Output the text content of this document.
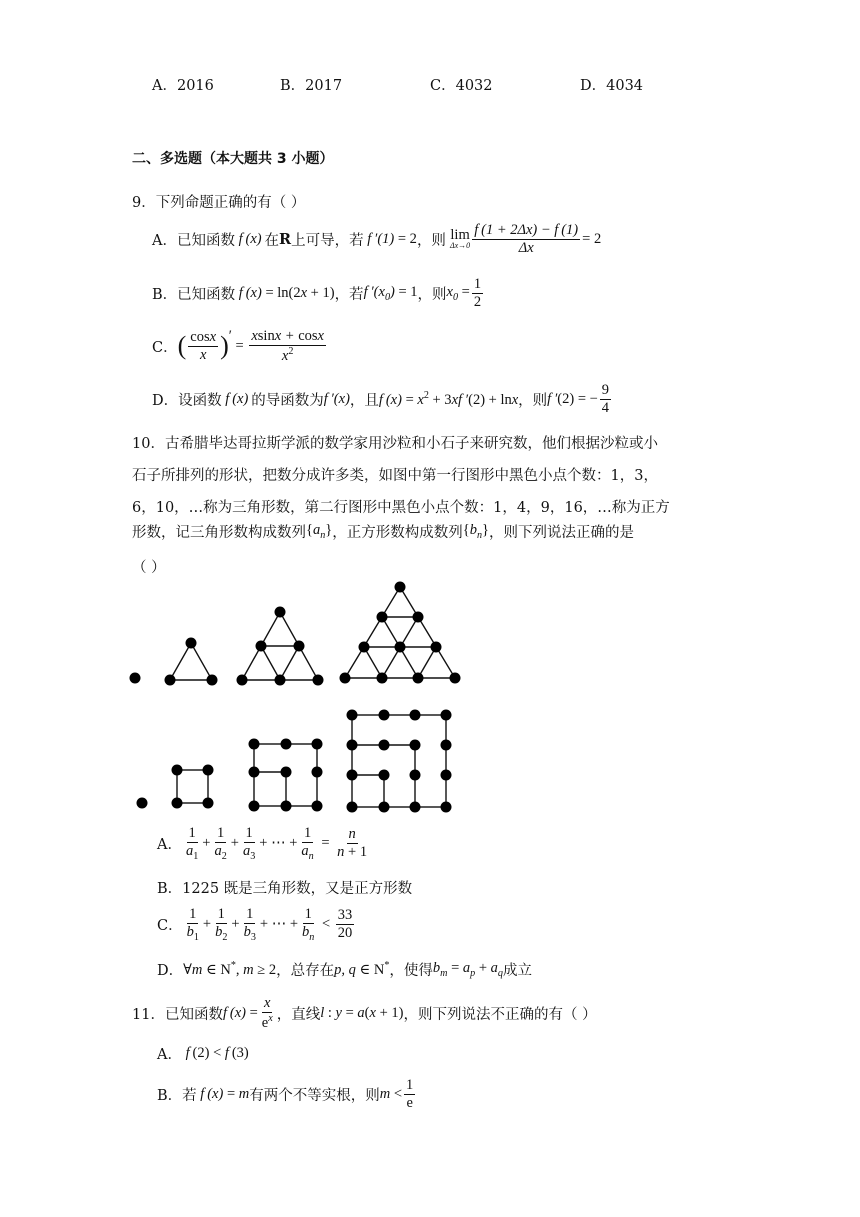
A．2016	B．2017	C．4032	D．4034
二、多选题（本大题共 3 小题）
9．下列命题正确的有（ ）
A．已知函数 f (x)  在 R 上可导，若 f ′(1) = 2 ，则 lim
$\Delta x\to 0 \frac{f (1 + 2\Delta x) - f (1)}{\Delta x} = 2$
B．已知函数 f (x) = ln(2x + 1) ，若 f $'(x_0) = 1$ ，则 $x_0 = \frac{1}{2}$
C． ( $\frac{\cos x}{x}$ ) ′
= $\frac{xsinx + \cos x}{x^2}$
D．设函数 f (x)  的导函数为 f ′(x) ，且 f $(x) = x^2 + 3xf$ ′(2) + lnx ，则 f ′(2) = − $\frac{9}{4}$
10．古希腊毕达哥拉斯学派的数学家用沙粒和小石子来研究数，他们根据沙粒或小
石子所排列的形状，把数分成许多类，如图中第一行图形中黑色小点个数：1，3，
6，10，…称为三角形数，第二行图形中黑色小点个数：1，4，9，16，…称为正方
形数，记三角形数构成数列 $\{a_n\}$ ，正方形数构成数列 $\{b_n\}$ ，则下列说法正确的是
（ ）
A． $\frac{1}{a_1} + \frac{1}{a_2} + \frac{1}{a_3}$ + ⋯ + $\frac{1}{a_n} = \frac{n}{n + 1}$
B．1225 既是三角形数，又是正方形数
C． $\frac{1}{b_1} + \frac{1}{b_2} + \frac{1}{b_3}$ + ⋯ + $\frac{1}{b_n} < \frac{33}{20}$
D． ∀m ∈ N*, m ≥ 2 ，总存在 p, q ∈ N* ，使得 $b_m = a_p + a_q$ 成立
11．已知函数 f $(x) = \frac{x}{e^x}$ ，直线 l : y = a(x + 1) ，则下列说法不正确的有（ ）
A． f (2) < f (3)
B．若 f (x) = m 有两个不等实根，则 $m < \frac{1}{e}$
